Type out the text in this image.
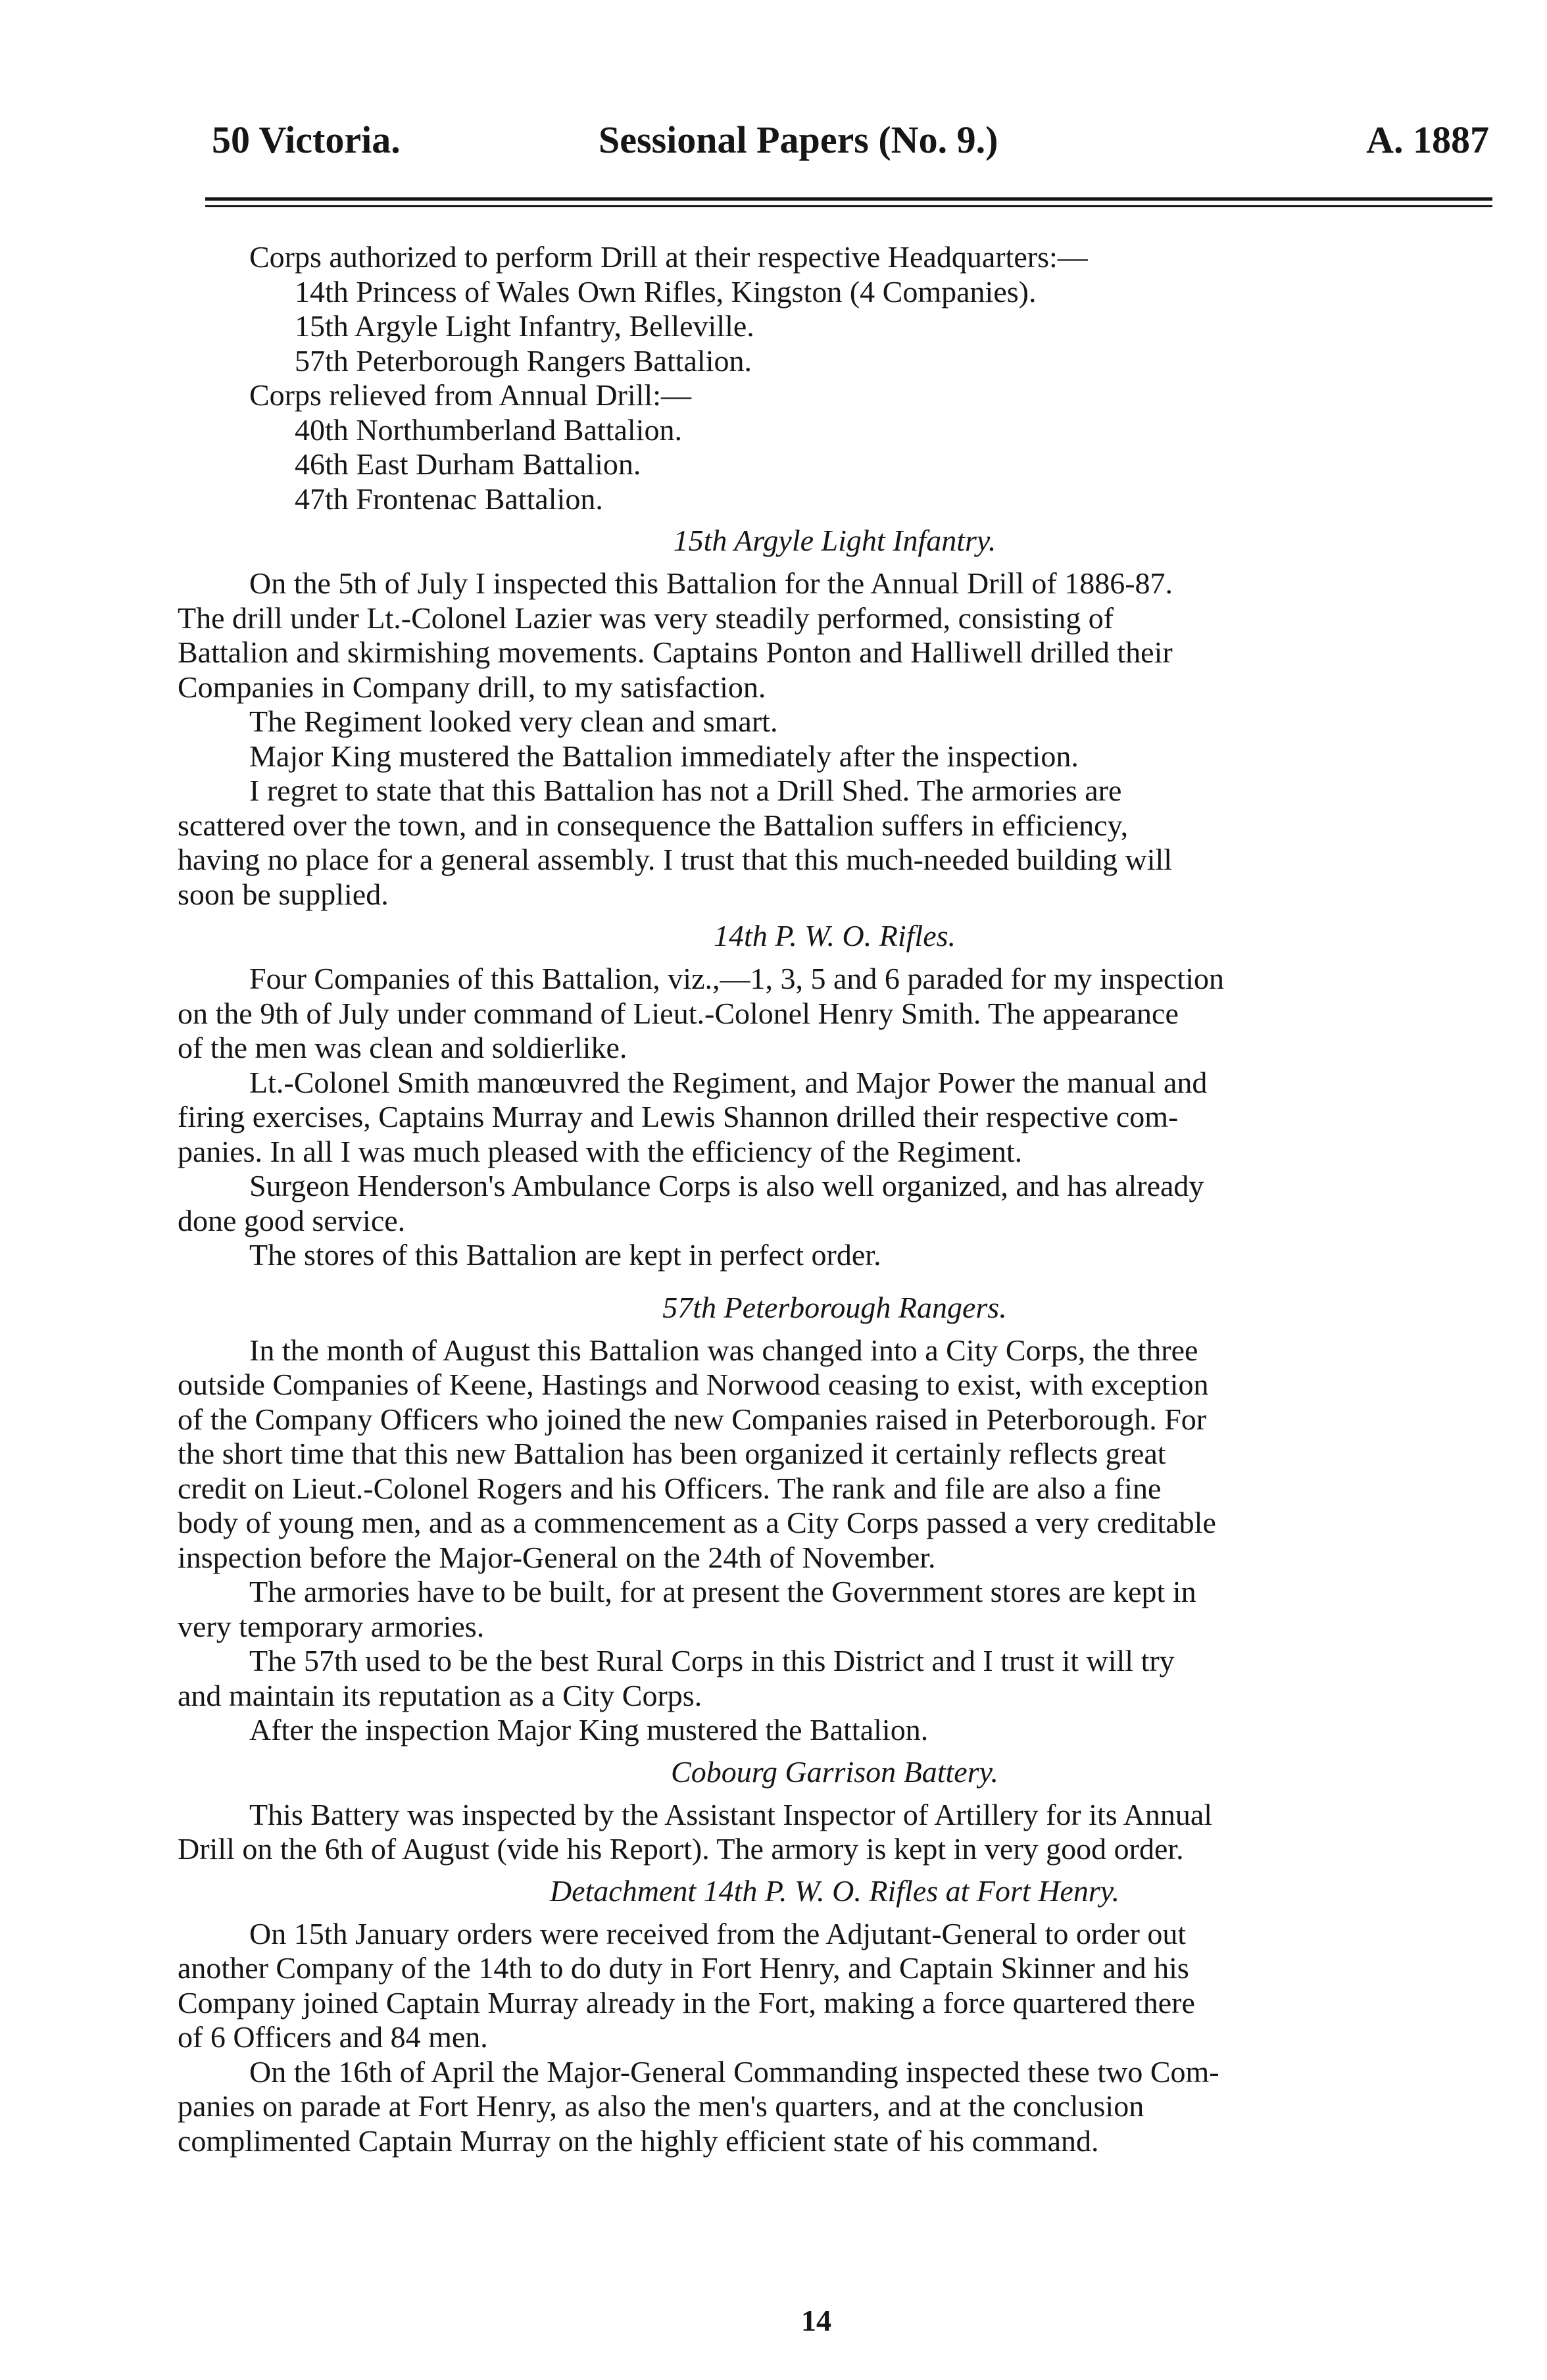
50 Victoria.	Sessional Papers (No. 9.)	A. 1887
Corps authorized to perform Drill at their respective Headquarters:—
14th Princess of Wales Own Rifles, Kingston (4 Companies).
15th Argyle Light Infantry, Belleville.
57th Peterborough Rangers Battalion.
Corps relieved from Annual Drill:—
40th Northumberland Battalion.
46th East Durham Battalion.
47th Frontenac Battalion.
15th Argyle Light Infantry.
On the 5th of July I inspected this Battalion for the Annual Drill of 1886-87.
The drill under Lt.-Colonel Lazier was very steadily performed, consisting of
Battalion and skirmishing movements. Captains Ponton and Halliwell drilled their
Companies in Company drill, to my satisfaction.
The Regiment looked very clean and smart.
Major King mustered the Battalion immediately after the inspection.
I regret to state that this Battalion has not a Drill Shed. The armories are
scattered over the town, and in consequence the Battalion suffers in efficiency,
having no place for a general assembly. I trust that this much-needed building will
soon be supplied.
14th P. W. O. Rifles.
Four Companies of this Battalion, viz.,—1, 3, 5 and 6 paraded for my inspection
on the 9th of July under command of Lieut.-Colonel Henry Smith. The appearance
of the men was clean and soldierlike.
Lt.-Colonel Smith manœuvred the Regiment, and Major Power the manual and
firing exercises, Captains Murray and Lewis Shannon drilled their respective com-
panies. In all I was much pleased with the efficiency of the Regiment.
Surgeon Henderson's Ambulance Corps is also well organized, and has already
done good service.
The stores of this Battalion are kept in perfect order.
57th Peterborough Rangers.
In the month of August this Battalion was changed into a City Corps, the three
outside Companies of Keene, Hastings and Norwood ceasing to exist, with exception
of the Company Officers who joined the new Companies raised in Peterborough. For
the short time that this new Battalion has been organized it certainly reflects great
credit on Lieut.-Colonel Rogers and his Officers. The rank and file are also a fine
body of young men, and as a commencement as a City Corps passed a very creditable
inspection before the Major-General on the 24th of November.
The armories have to be built, for at present the Government stores are kept in
very temporary armories.
The 57th used to be the best Rural Corps in this District and I trust it will try
and maintain its reputation as a City Corps.
After the inspection Major King mustered the Battalion.
Cobourg Garrison Battery.
This Battery was inspected by the Assistant Inspector of Artillery for its Annual
Drill on the 6th of August (vide his Report). The armory is kept in very good order.
Detachment 14th P. W. O. Rifles at Fort Henry.
On 15th January orders were received from the Adjutant-General to order out
another Company of the 14th to do duty in Fort Henry, and Captain Skinner and his
Company joined Captain Murray already in the Fort, making a force quartered there
of 6 Officers and 84 men.
On the 16th of April the Major-General Commanding inspected these two Com-
panies on parade at Fort Henry, as also the men's quarters, and at the conclusion
complimented Captain Murray on the highly efficient state of his command.
14
